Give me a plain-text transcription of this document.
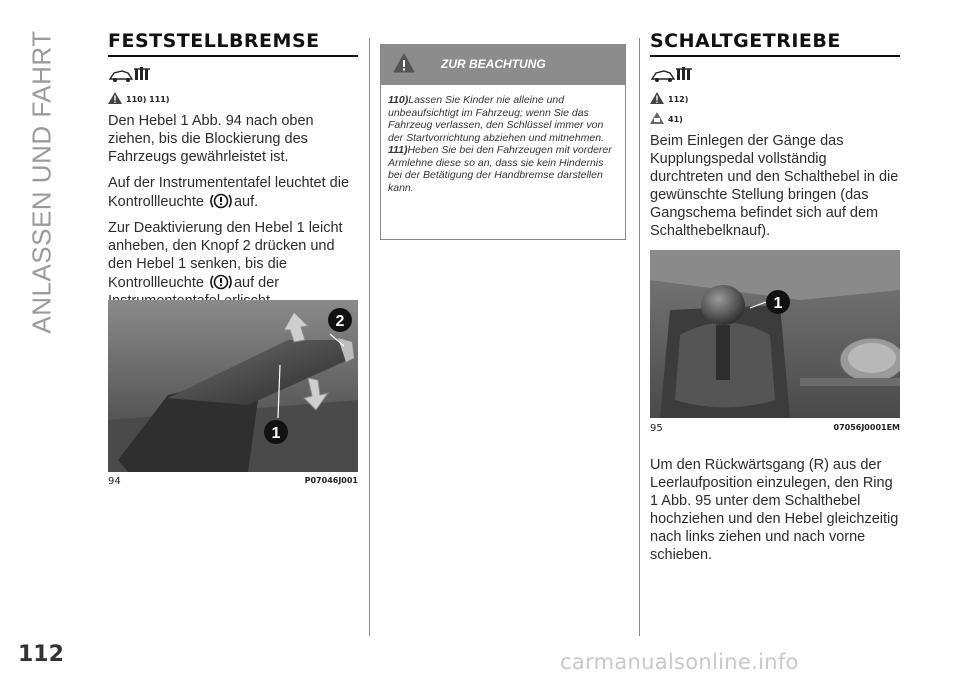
ANLASSEN UND FAHRT	FESTSTELLBREMSE
110) 111)

Den Hebel 1 Abb. 94 nach oben ziehen, bis die Blockierung des Fahrzeugs gewährleistet ist.

Auf der Instrumententafel leuchtet die Kontrollleuchte auf.

Zur Deaktivierung den Hebel 1 leicht anheben, den Knopf 2 drücken und den Hebel 1 senken, bis die Kontrollleuchte auf der

2
1
94	P07046J001
ZUR BEACHTUNG

110)Lassen Sie Kinder nie alleine und unbeaufsichtigt im Fahrzeug; wenn Sie das Fahrzeug verlassen, den Schlüssel immer von der Startvorrichtung abziehen und mitnehmen.

111)Heben Sie bei den Fahrzeugen mit vorderer Armlehne diese so an, dass sie kein Hindernis bei der Betätigung der Handbremse darstellen kann.

SCHALTGETRIEBE
112)
41)

Beim Einlegen der Gänge das Kupplungspedal vollständig durchtreten und den Schalthebel in die gewünschte Stellung bringen (das Gangschema befindet sich auf dem Schalthebelknauf).

1
95	07056J0001EM

Um den Rückwärtsgang (R) aus der Leerlaufposition einzulegen, den Ring 1 Abb. 95 unter dem Schalthebel hochziehen und den Hebel gleichzeitig nach links ziehen und nach vorne schieben.

112	carmanualsonline.info
